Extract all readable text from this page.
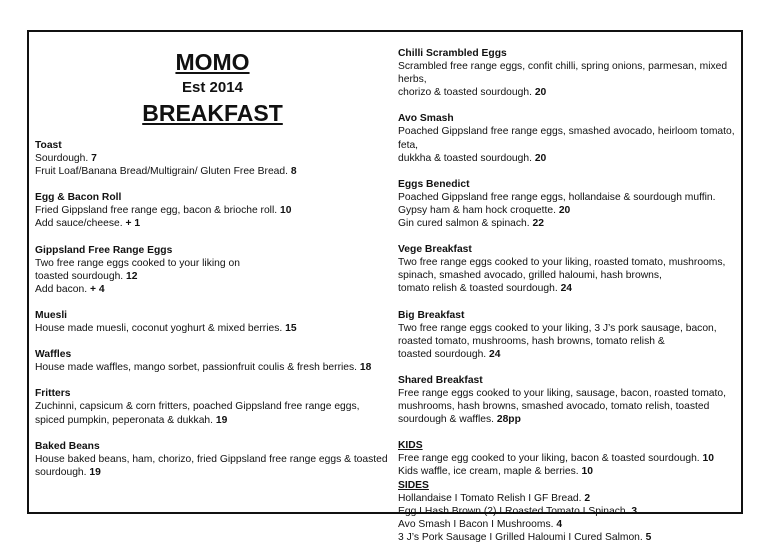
MOMO
Est 2014
BREAKFAST
Toast
Sourdough. 7
Fruit Loaf/Banana Bread/Multigrain/ Gluten Free Bread. 8
Egg & Bacon Roll
Fried Gippsland free range egg, bacon & brioche roll. 10
Add sauce/cheese. + 1
Gippsland Free Range Eggs
Two free range eggs cooked to your liking on
toasted sourdough. 12
Add bacon. + 4
Muesli
House made muesli, coconut yoghurt & mixed berries. 15
Waffles
House made waffles, mango sorbet, passionfruit coulis & fresh berries. 18
Fritters
Zuchinni, capsicum & corn fritters, poached Gippsland free range eggs,
spiced pumpkin, peperonata & dukkah. 19
Baked Beans
House baked beans, ham, chorizo, fried Gippsland free range eggs & toasted
sourdough. 19
Chilli Scrambled Eggs
Scrambled free range eggs, confit chilli, spring onions, parmesan, mixed herbs,
chorizo & toasted sourdough. 20
Avo Smash
Poached Gippsland free range eggs, smashed avocado, heirloom tomato, feta,
dukkha & toasted sourdough. 20
Eggs Benedict
Poached Gippsland free range eggs, hollandaise & sourdough muffin.
Gypsy ham & ham hock croquette. 20
Gin cured salmon & spinach. 22
Vege Breakfast
Two free range eggs cooked to your liking, roasted tomato, mushrooms,
spinach, smashed avocado, grilled haloumi, hash browns,
tomato relish & toasted sourdough. 24
Big Breakfast
Two free range eggs cooked to your liking, 3 J’s pork sausage, bacon,
roasted tomato, mushrooms, hash browns, tomato relish &
toasted sourdough. 24
Shared Breakfast
Free range eggs cooked to your liking, sausage, bacon, roasted tomato,
mushrooms, hash browns, smashed avocado, tomato relish, toasted
sourdough & waffles. 28pp
KIDS
Free range egg cooked to your liking, bacon & toasted sourdough. 10
Kids waffle, ice cream, maple & berries. 10
SIDES
Hollandaise I Tomato Relish I GF Bread. 2
Egg I Hash Brown (2) I Roasted Tomato I Spinach. 3
Avo Smash I Bacon I Mushrooms. 4
3 J’s Pork Sausage I Grilled Haloumi I Cured Salmon. 5
